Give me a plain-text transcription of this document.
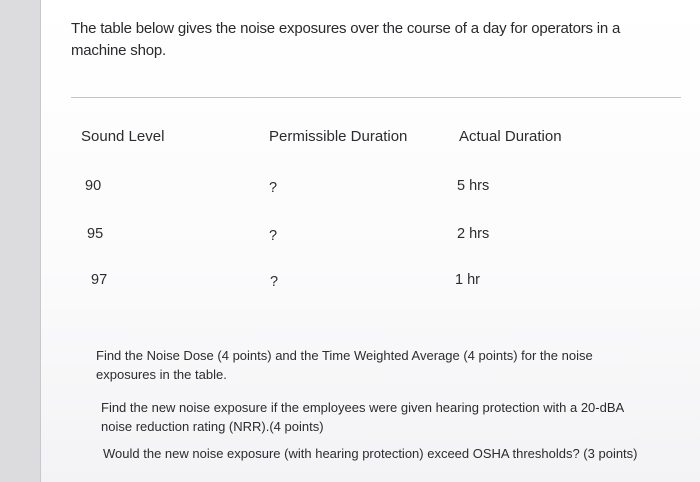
The table below gives the noise exposures over the course of a day for operators in a machine shop.
Sound Level	Permissible Duration	Actual Duration
90	?	5 hrs
95	?	2 hrs
97	?	1 hr
Find the Noise Dose (4 points) and the Time Weighted Average (4 points) for the noise exposures in the table.
Find the new noise exposure if the employees were given hearing protection with a 20-dBA noise reduction rating (NRR).(4 points)
Would the new noise exposure (with hearing protection) exceed OSHA thresholds? (3 points)
